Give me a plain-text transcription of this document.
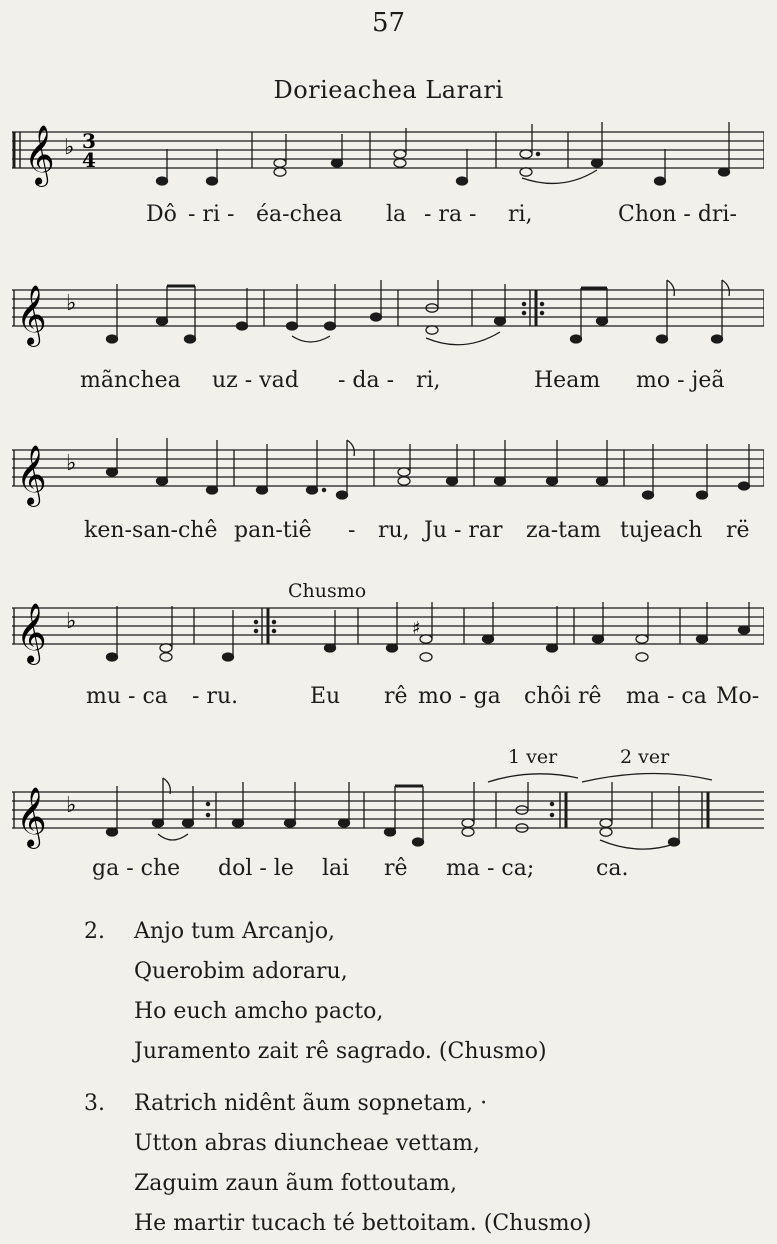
57
Dorieachea Larari
𝄞 ♭ 3
4
Dô - ri - éa-chea la - ra - ri,	Chon - dri-
𝄞 ♭
mãnchea uz - vad - da - ri,	Heam mo - jeã
𝄞 ♭
ken-san-chê pan-tiê - ru, Ju - rar za-tam tujeach rë
Chusmo
𝄞 ♭	♯
mu - ca - ru.	Eu rê mo - ga chôi rê ma - ca Mo-
1 ver	2 ver
𝄞 ♭
ga - che dol - le lai rê ma - ca;	ca.
2. Anjo tum Arcanjo,
Querobim adoraru,
Ho euch amcho pacto,
Juramento zait rê sagrado. (Chusmo)
3. Ratrich nidênt ãum sopnetam, ·
Utton abras diuncheae vettam,
Zaguim zaun ãum fottoutam,
He martir tucach té bettoitam. (Chusmo)
